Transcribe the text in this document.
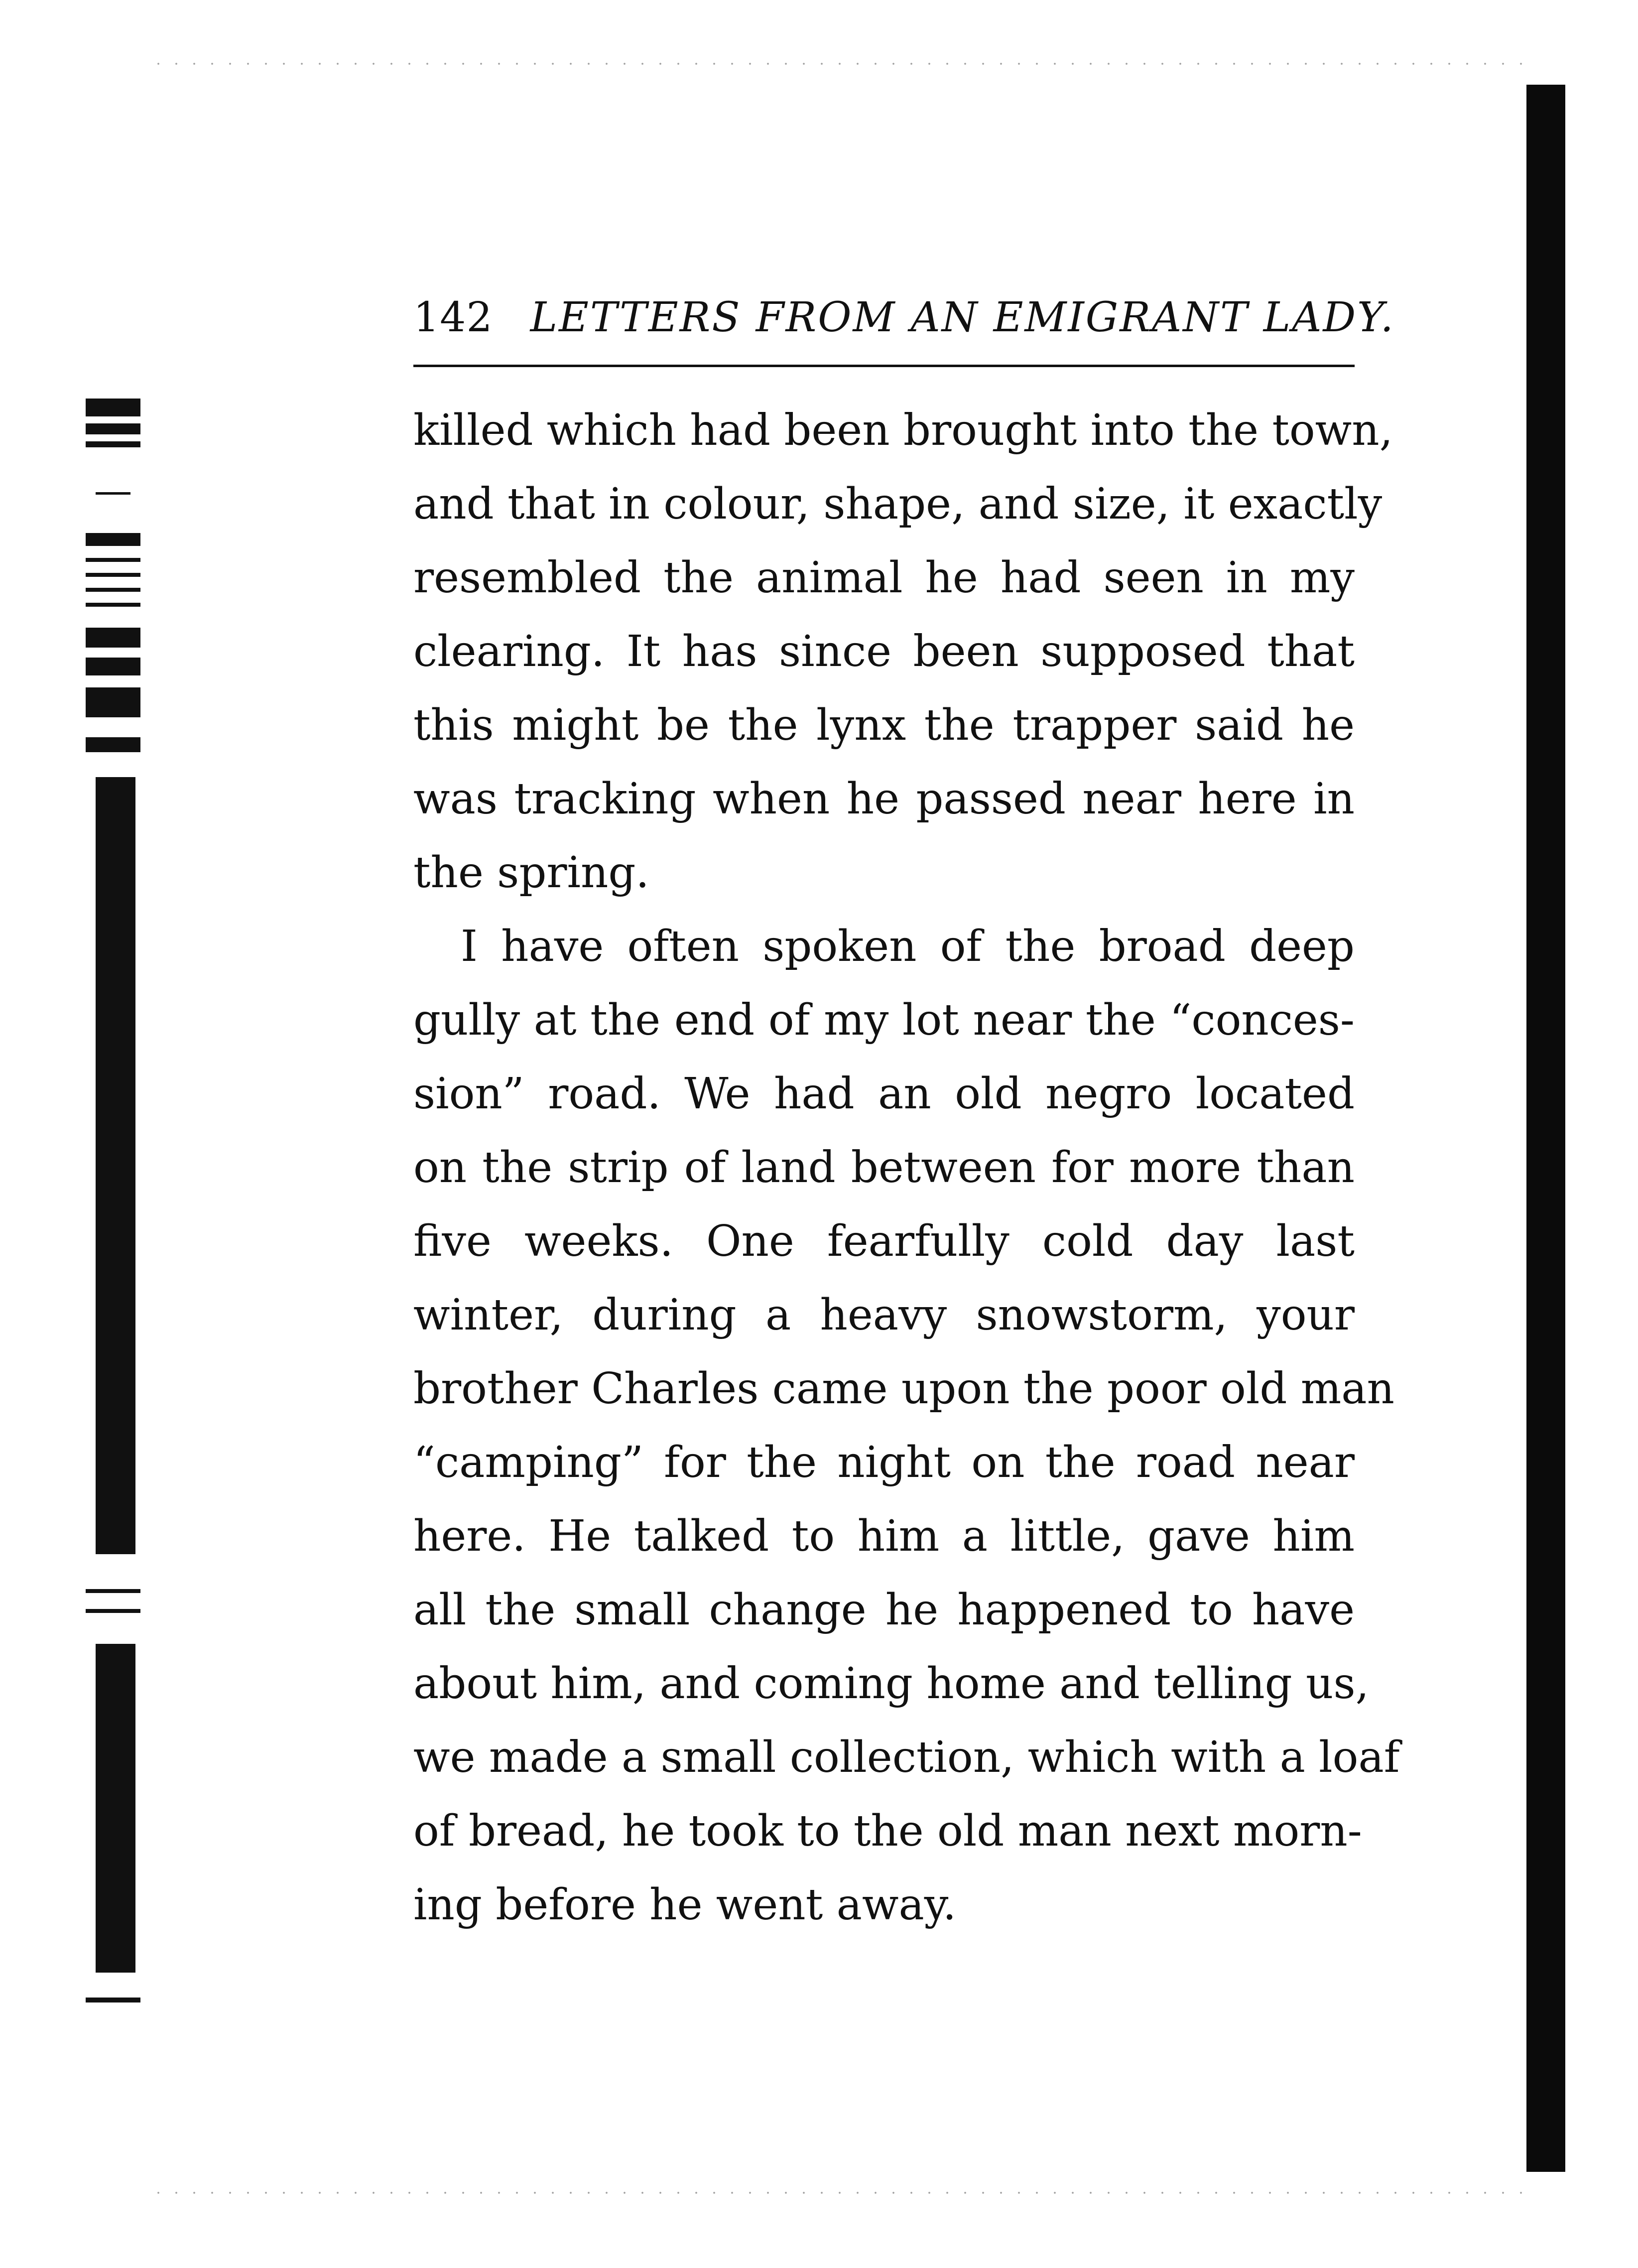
142 LETTERS FROM AN EMIGRANT LADY.
killed which had been brought into the town,
and that in colour, shape, and size, it exactly
resembled the animal he had seen in my
clearing. It has since been supposed that
this might be the lynx the trapper said he
was tracking when he passed near here in
the spring.
I have often spoken of the broad deep
gully at the end of my lot near the “conces-
sion” road. We had an old negro located
on the strip of land between for more than
five weeks. One fearfully cold day last
winter, during a heavy snowstorm, your
brother Charles came upon the poor old man
“camping” for the night on the road near
here. He talked to him a little, gave him
all the small change he happened to have
about him, and coming home and telling us,
we made a small collection, which with a loaf
of bread, he took to the old man next morn-
ing before he went away.
